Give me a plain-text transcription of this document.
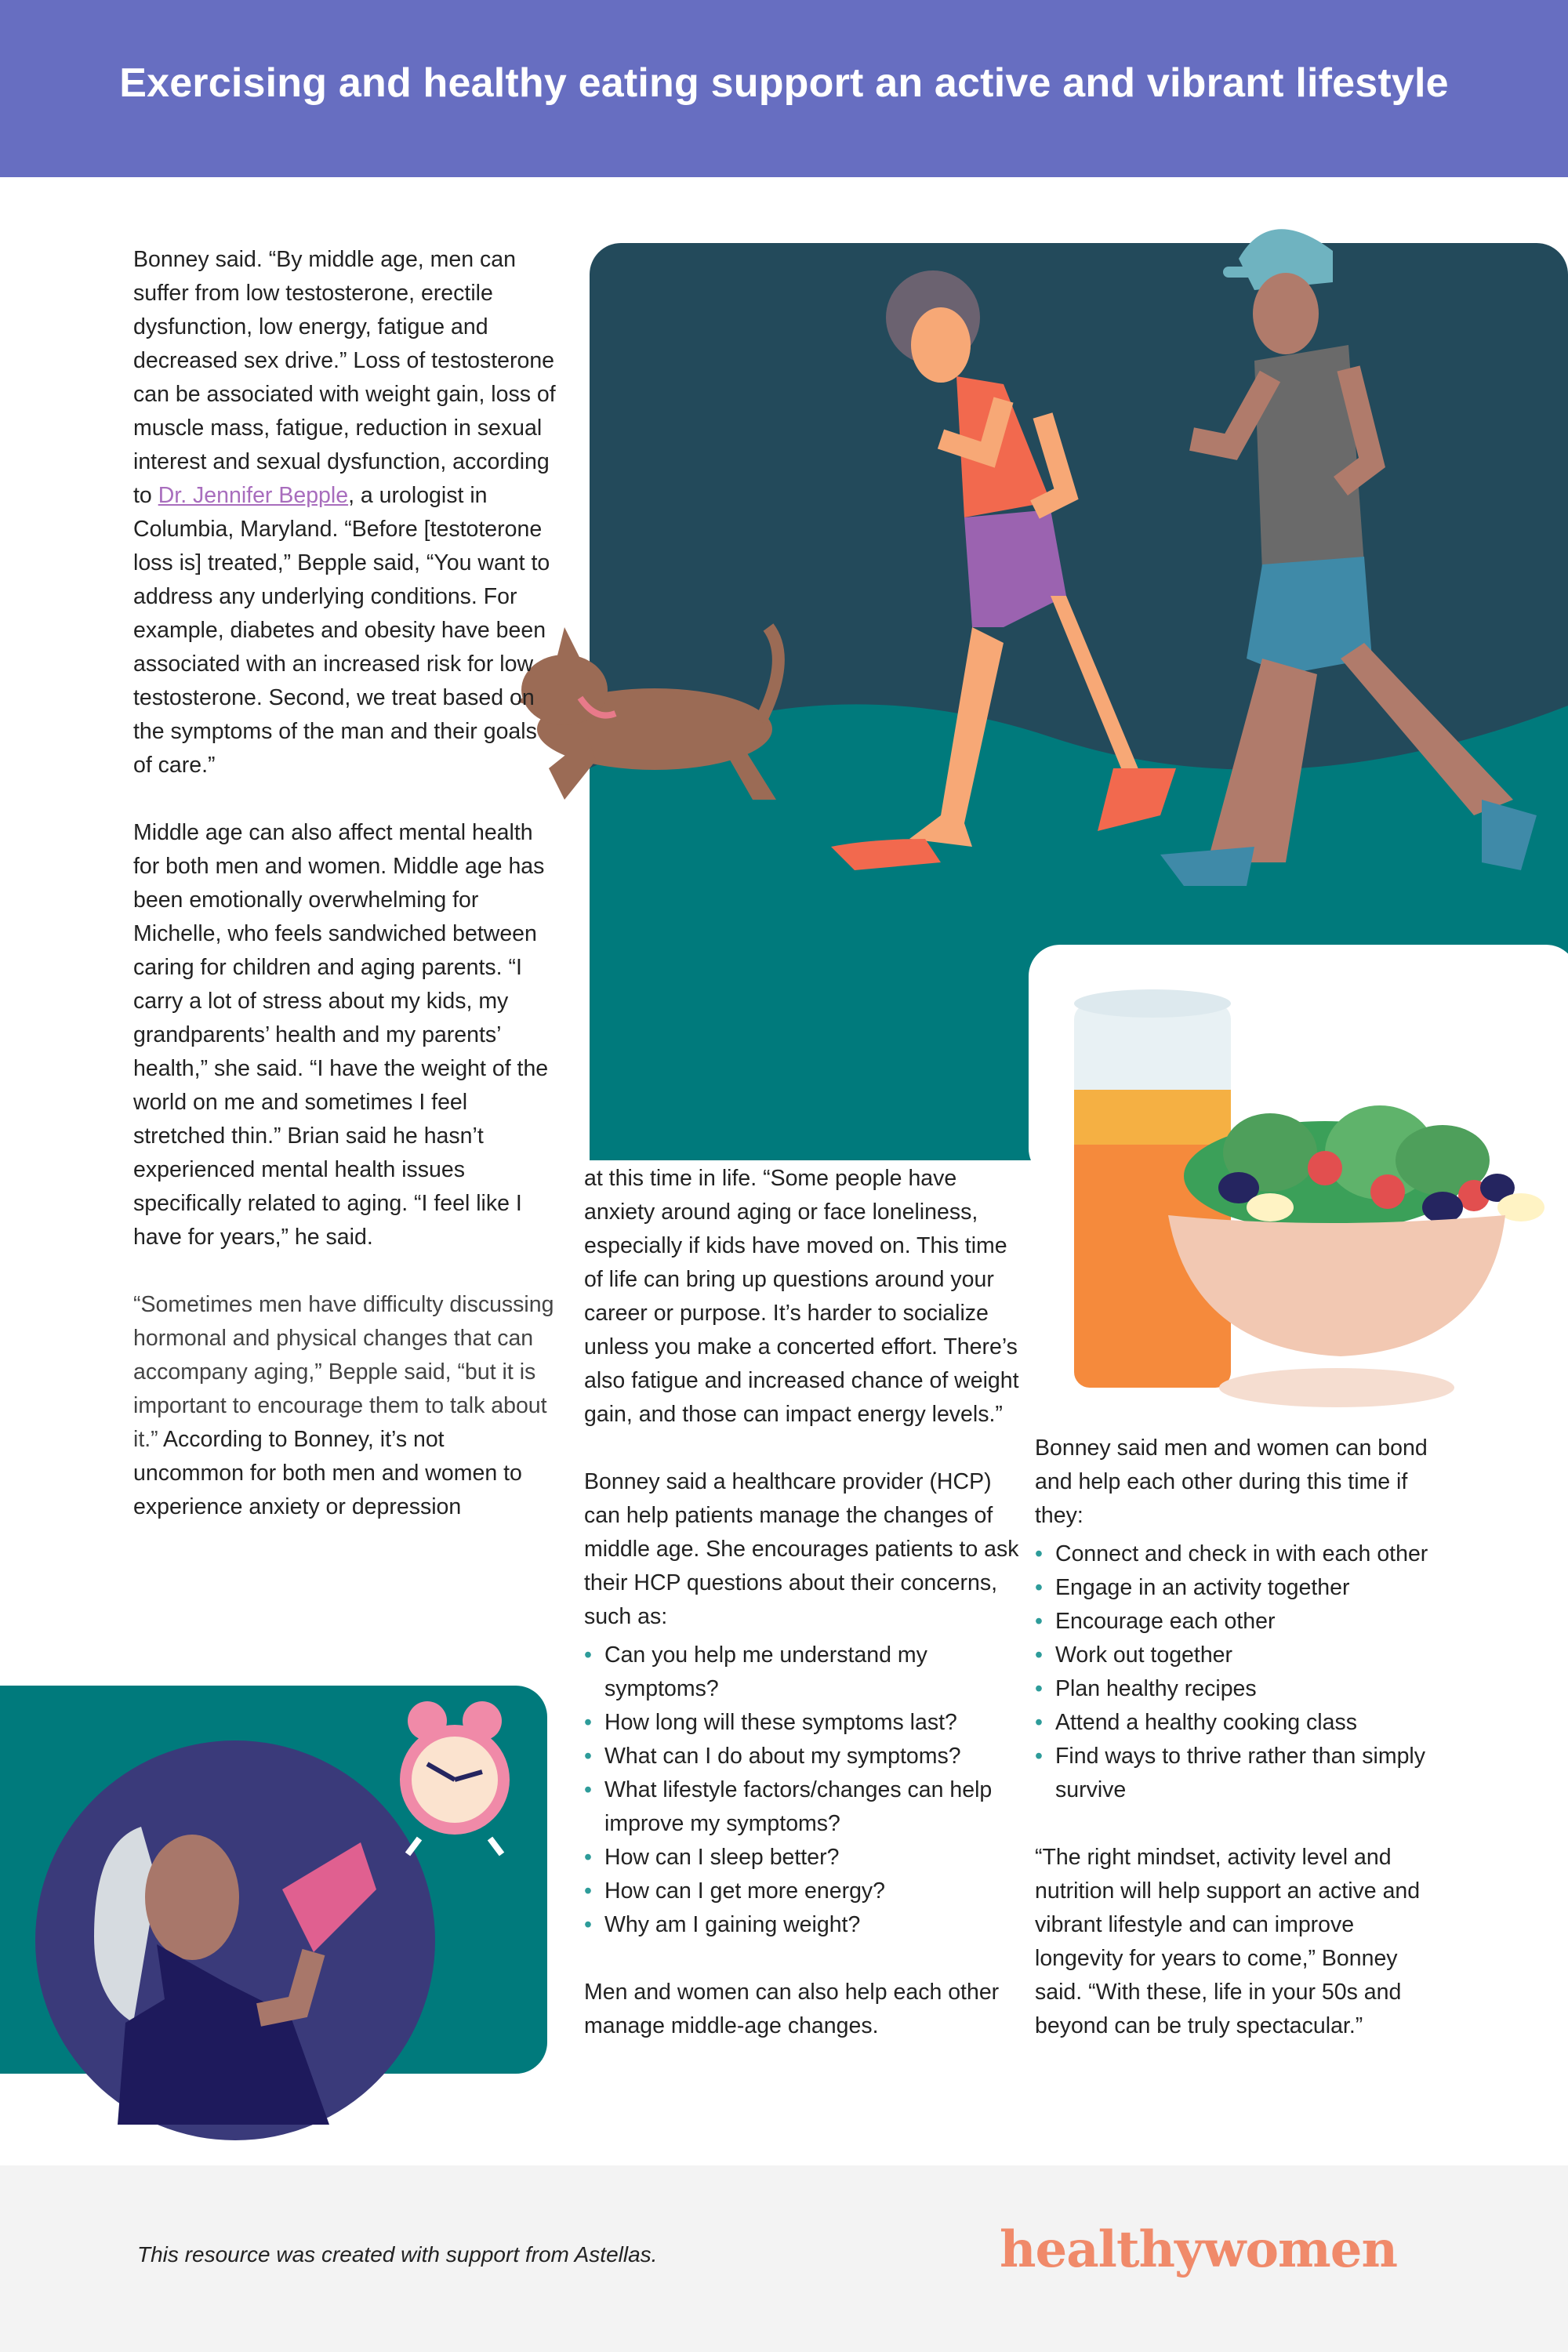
Exercising and healthy eating support an active and vibrant lifestyle

Bonney said. “By middle age, men can suffer from low testosterone, erectile dysfunction, low energy, fatigue and decreased sex drive.” Loss of testosterone can be associated with weight gain, loss of muscle mass, fatigue, reduction in sexual interest and sexual dysfunction, according to Dr. Jennifer Bepple, a urologist in Columbia, Maryland. “Before [testoterone loss is] treated,” Bepple said, “You want to address any underlying conditions. For example, diabetes and obesity have been associated with an increased risk for low testosterone. Second, we treat based on the symptoms of the man and their goals of care.”

Middle age can also affect mental health for both men and women. Middle age has been emotionally overwhelming for Michelle, who feels sandwiched between caring for children and aging parents. “I carry a lot of stress about my kids, my grandparents’ health and my parents’ health,” she said. “I have the weight of the world on me and sometimes I feel stretched thin.” Brian said he hasn’t experienced mental health issues specifically related to aging. “I feel like I have for years,” he said.

“Sometimes men have difficulty discussing hormonal and physical changes that can accompany aging,” Bepple said, “but it is important to encourage them to talk about it.” According to Bonney, it’s not uncommon for both men and women to experience anxiety or depression

at this time in life. “Some people have anxiety around aging or face loneliness, especially if kids have moved on. This time of life can bring up questions around your career or purpose. It’s harder to socialize unless you make a concerted effort. There’s also fatigue and increased chance of weight gain, and those can impact energy levels.”

Bonney said a healthcare provider (HCP) can help patients manage the changes of middle age. She encourages patients to ask their HCP questions about their concerns, such as:

• Can you help me understand my symptoms?
• How long will these symptoms last?
• What can I do about my symptoms?
• What lifestyle factors/changes can help improve my symptoms?
• How can I sleep better?
• How can I get more energy?
• Why am I gaining weight?

Men and women can also help each other manage middle-age changes.

Bonney said men and women can bond and help each other during this time if they:

• Connect and check in with each other
• Engage in an activity together
• Encourage each other
• Work out together
• Plan healthy recipes
• Attend a healthy cooking class
• Find ways to thrive rather than simply survive

“The right mindset, activity level and nutrition will help support an active and vibrant lifestyle and can improve longevity for years to come,” Bonney said. “With these, life in your 50s and beyond can be truly spectacular.”

This resource was created with support from Astellas.	healthywomen
